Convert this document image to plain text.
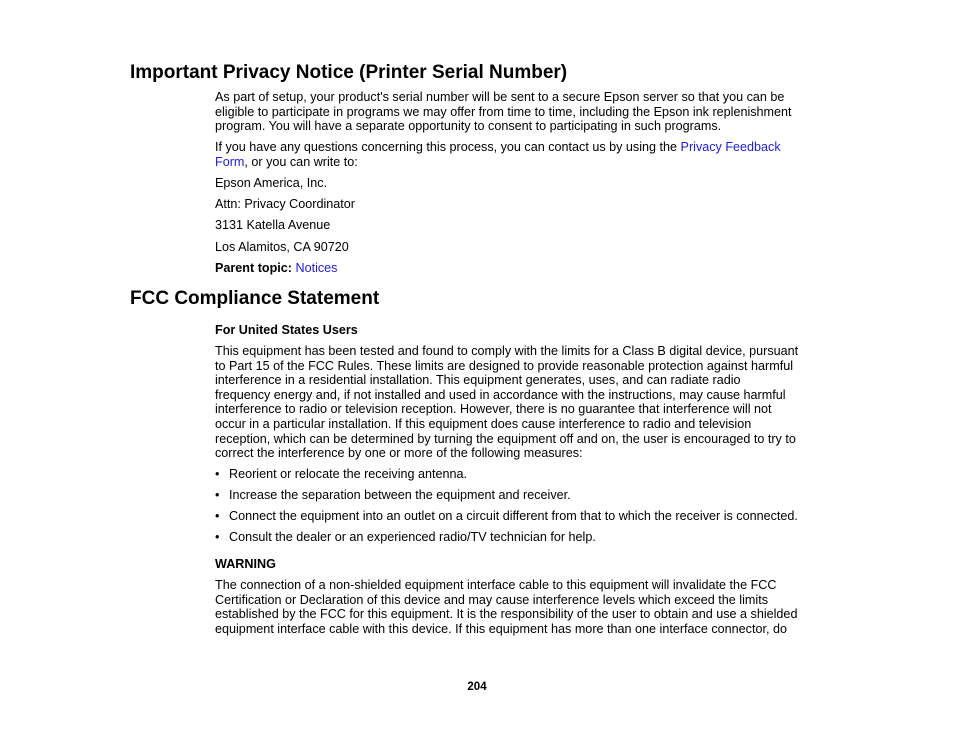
Important Privacy Notice (Printer Serial Number)

As part of setup, your product's serial number will be sent to a secure Epson server so that you can be
eligible to participate in programs we may offer from time to time, including the Epson ink replenishment
program. You will have a separate opportunity to consent to participating in such programs.

If you have any questions concerning this process, you can contact us by using the Privacy Feedback
Form, or you can write to:

Epson America, Inc.

Attn: Privacy Coordinator

3131 Katella Avenue

Los Alamitos, CA 90720

Parent topic: Notices

FCC Compliance Statement

For United States Users

This equipment has been tested and found to comply with the limits for a Class B digital device, pursuant
to Part 15 of the FCC Rules. These limits are designed to provide reasonable protection against harmful
interference in a residential installation. This equipment generates, uses, and can radiate radio
frequency energy and, if not installed and used in accordance with the instructions, may cause harmful
interference to radio or television reception. However, there is no guarantee that interference will not
occur in a particular installation. If this equipment does cause interference to radio and television
reception, which can be determined by turning the equipment off and on, the user is encouraged to try to
correct the interference by one or more of the following measures:

• Reorient or relocate the receiving antenna.
• Increase the separation between the equipment and receiver.
• Connect the equipment into an outlet on a circuit different from that to which the receiver is connected.
• Consult the dealer or an experienced radio/TV technician for help.

WARNING

The connection of a non-shielded equipment interface cable to this equipment will invalidate the FCC
Certification or Declaration of this device and may cause interference levels which exceed the limits
established by the FCC for this equipment. It is the responsibility of the user to obtain and use a shielded
equipment interface cable with this device. If this equipment has more than one interface connector, do

204
